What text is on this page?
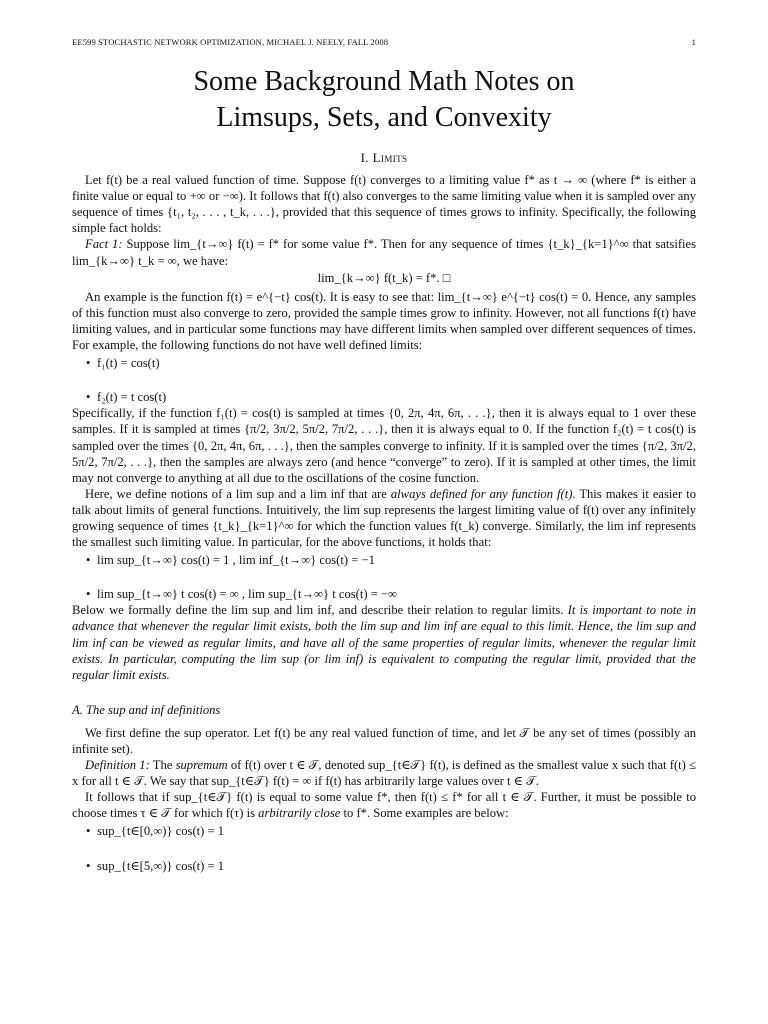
EE599 STOCHASTIC NETWORK OPTIMIZATION, MICHAEL J. NEELY, FALL 2008	1
Some Background Math Notes on
Limsups, Sets, and Convexity
I. Limits

Let f(t) be a real valued function of time. Suppose f(t) converges to a limiting value f* as t → ∞ (where f* is either a finite value or equal to +∞ or −∞). It follows that f(t) also converges to the same limiting value when it is sampled over any sequence of times {t₁, t₂, . . . , t_k, . . .}, provided that this sequence of times grows to infinity. Specifically, the following simple fact holds:

Fact 1: Suppose lim_{t→∞} f(t) = f* for some value f*. Then for any sequence of times {t_k}_{k=1}^∞ that satsifies lim_{k→∞} t_k = ∞, we have:

lim_{k→∞} f(t_k) = f*. □

An example is the function f(t) = e^{−t} cos(t). It is easy to see that: lim_{t→∞} e^{−t} cos(t) = 0. Hence, any samples of this function must also converge to zero, provided the sample times grow to infinity. However, not all functions f(t) have limiting values, and in particular some functions may have different limits when sampled over different sequences of times. For example, the following functions do not have well defined limits:

• f₁(t) = cos(t)
• f₂(t) = t cos(t)

Specifically, if the function f₁(t) = cos(t) is sampled at times {0, 2π, 4π, 6π, . . .}, then it is always equal to 1 over these samples. If it is sampled at times {π/2, 3π/2, 5π/2, 7π/2, . . .}, then it is always equal to 0. If the function f₂(t) = t cos(t) is sampled over the times {0, 2π, 4π, 6π, . . .}, then the samples converge to infinity. If it is sampled over the times {π/2, 3π/2, 5π/2, 7π/2, . . .}, then the samples are always zero (and hence “converge” to zero). If it is sampled at other times, the limit may not converge to anything at all due to the oscillations of the cosine function.

Here, we define notions of a lim sup and a lim inf that are always defined for any function f(t). This makes it easier to talk about limits of general functions. Intuitively, the lim sup represents the largest limiting value of f(t) over any infinitely growing sequence of times {t_k}_{k=1}^∞ for which the function values f(t_k) converge. Similarly, the lim inf represents the smallest such limiting value. In particular, for the above functions, it holds that:

• lim sup_{t→∞} cos(t) = 1 , lim inf_{t→∞} cos(t) = −1
• lim sup_{t→∞} t cos(t) = ∞ , lim sup_{t→∞} t cos(t) = −∞

Below we formally define the lim sup and lim inf, and describe their relation to regular limits. It is important to note in advance that whenever the regular limit exists, both the lim sup and lim inf are equal to this limit. Hence, the lim sup and lim inf can be viewed as regular limits, and have all of the same properties of regular limits, whenever the regular limit exists. In particular, computing the lim sup (or lim inf) is equivalent to computing the regular limit, provided that the regular limit exists.

A. The sup and inf definitions

We first define the sup operator. Let f(t) be any real valued function of time, and let 𝒯 be any set of times (possibly an infinite set).

Definition 1: The supremum of f(t) over t ∈ 𝒯, denoted sup_{t∈𝒯} f(t), is defined as the smallest value x such that f(t) ≤ x for all t ∈ 𝒯. We say that sup_{t∈𝒯} f(t) = ∞ if f(t) has arbitrarily large values over t ∈ 𝒯.

It follows that if sup_{t∈𝒯} f(t) is equal to some value f*, then f(t) ≤ f* for all t ∈ 𝒯. Further, it must be possible to choose times τ ∈ 𝒯 for which f(τ) is arbitrarily close to f*. Some examples are below:

• sup_{t∈[0,∞)} cos(t) = 1
• sup_{t∈[5,∞)} cos(t) = 1
